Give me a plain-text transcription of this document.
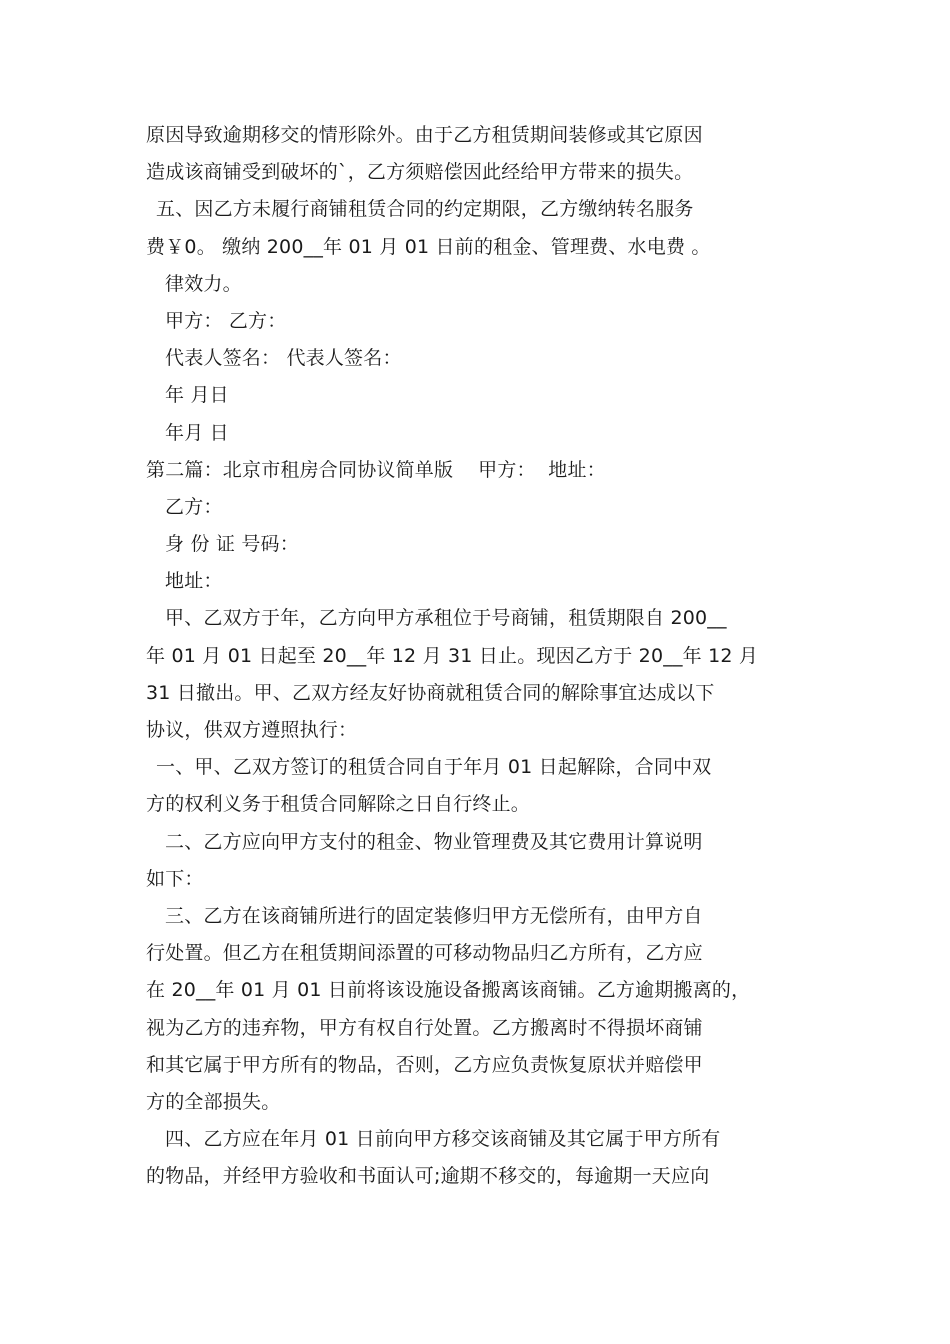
原因导致逾期移交的情形除外。由于乙方租赁期间装修或其它原因
造成该商铺受到破坏的`，乙方须赔偿因此经给甲方带来的损失。
五、因乙方未履行商铺租赁合同的约定期限，乙方缴纳转名服务
费￥0。 缴纳 200__年 01 月 01 日前的租金、管理费、水电费 。
律效力。
甲方： 乙方：
代表人签名： 代表人签名：
年 月日
年月 日
第二篇：北京市租房合同协议简单版    甲方：  地址：
乙方：
身 份 证 号码：
地址：
甲、乙双方于年，乙方向甲方承租位于号商铺，租赁期限自 200__
年 01 月 01 日起至 20__年 12 月 31 日止。现因乙方于 20__年 12 月
31 日撤出。甲、乙双方经友好协商就租赁合同的解除事宜达成以下
协议，供双方遵照执行：
一、甲、乙双方签订的租赁合同自于年月 01 日起解除，合同中双
方的权利义务于租赁合同解除之日自行终止。
二、乙方应向甲方支付的租金、物业管理费及其它费用计算说明
如下：
三、乙方在该商铺所进行的固定装修归甲方无偿所有，由甲方自
行处置。但乙方在租赁期间添置的可移动物品归乙方所有，乙方应
在 20__年 01 月 01 日前将该设施设备搬离该商铺。乙方逾期搬离的，
视为乙方的违弃物，甲方有权自行处置。乙方搬离时不得损坏商铺
和其它属于甲方所有的物品，否则，乙方应负责恢复原状并赔偿甲
方的全部损失。
四、乙方应在年月 01 日前向甲方移交该商铺及其它属于甲方所有
的物品，并经甲方验收和书面认可;逾期不移交的，每逾期一天应向
